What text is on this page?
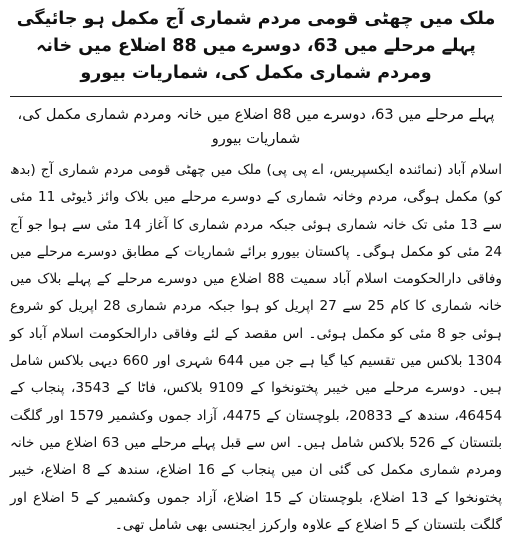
ملک میں چھٹی قومی مردم شماری آج مکمل ہو جائیگی پہلے مرحلے میں 63، دوسرے میں 88 اضلاع میں خانہ ومردم شماری مکمل کی، شماریات بیورو

پہلے مرحلے میں 63، دوسرے میں 88 اضلاع میں خانہ ومردم شماری مکمل کی، شماریات بیورو

اسلام آباد (نمائندہ ایکسپریس، اے پی پی) ملک میں چھٹی قومی مردم شماری آج (بدھ کو) مکمل ہوگی، مردم وخانہ شماری کے دوسرے مرحلے میں بلاک وائز ڈیوٹی 11 مئی سے 13 مئی تک خانہ شماری ہوئی جبکہ مردم شماری کا آغاز 14 مئی سے ہوا جو آج 24 مئی کو مکمل ہوگی۔ پاکستان بیورو برائے شماریات کے مطابق دوسرے مرحلے میں وفاقی دارالحکومت اسلام آباد سمیت 88 اضلاع میں دوسرے مرحلے کے پہلے بلاک میں خانہ شماری کا کام 25 سے 27 اپریل کو ہوا جبکہ مردم شماری 28 اپریل کو شروع ہوئی جو 8 مئی کو مکمل ہوئی۔ اس مقصد کے لئے وفاقی دارالحکومت اسلام آباد کو 1304 بلاکس میں تقسیم کیا گیا ہے جن میں 644 شہری اور 660 دیہی بلاکس شامل ہیں۔ دوسرے مرحلے میں خیبر پختونخوا کے 9109 بلاکس، فاٹا کے 3543، پنجاب کے 46454، سندھ کے 20833، بلوچستان کے 4475، آزاد جموں وکشمیر 1579 اور گلگت بلتستان کے 526 بلاکس شامل ہیں۔ اس سے قبل پہلے مرحلے میں 63 اضلاع میں خانہ ومردم شماری مکمل کی گئی ان میں پنجاب کے 16 اضلاع، سندھ کے 8 اضلاع، خیبر پختونخوا کے 13 اضلاع، بلوچستان کے 15 اضلاع، آزاد جموں وکشمیر کے 5 اضلاع اور گلگت بلتستان کے 5 اضلاع کے علاوہ وارکرز ایجنسی بھی شامل تھی۔
